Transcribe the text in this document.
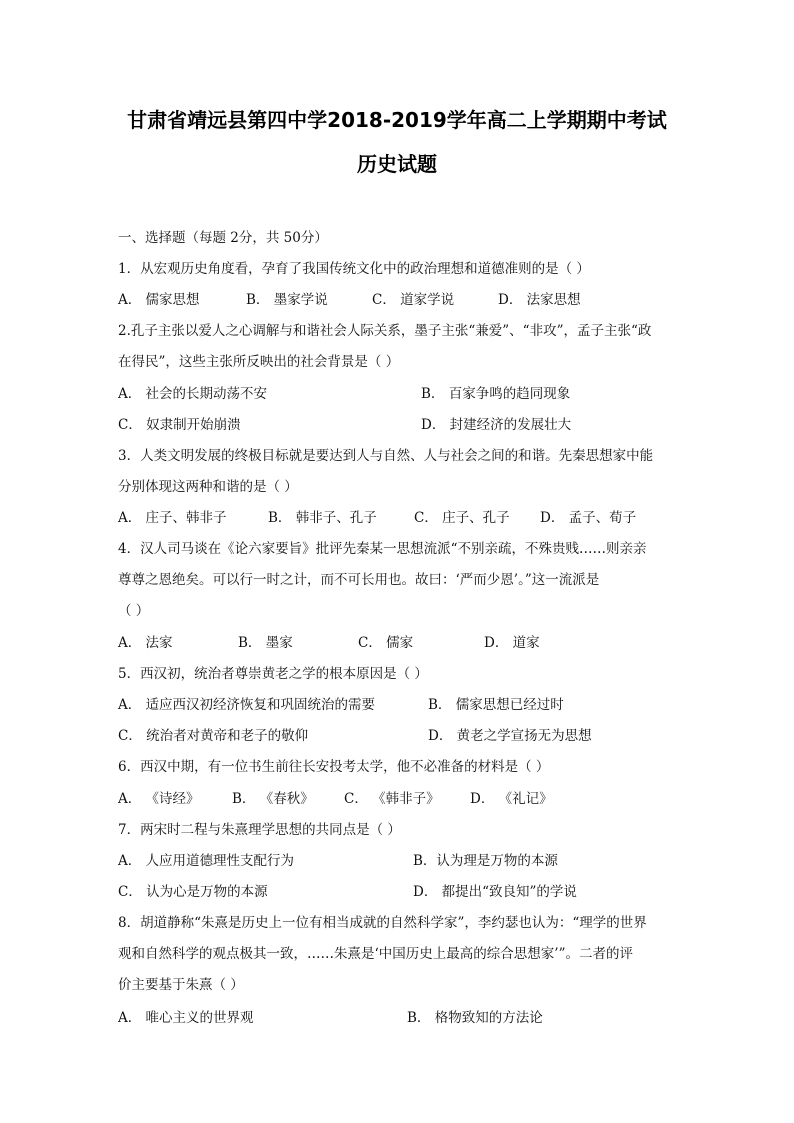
甘肃省靖远县第四中学2018-2019学年高二上学期期中考试
历史试题
一、选择题（每题 2分，共 50分）
1．从宏观历史角度看，孕育了我国传统文化中的政治理想和道德准则的是（ ）
A． 儒家思想	B． 墨家学说	C． 道家学说	D． 法家思想
2.孔子主张以爱人之心调解与和谐社会人际关系，墨子主张“兼爱”、“非攻”，孟子主张“政
在得民”，这些主张所反映出的社会背景是（ ）
A． 社会的长期动荡不安	B． 百家争鸣的趋同现象
C． 奴隶制开始崩溃	D． 封建经济的发展壮大
3．人类文明发展的终极目标就是要达到人与自然、人与社会之间的和谐。先秦思想家中能
分别体现这两种和谐的是（ ）
A． 庄子、韩非子	B． 韩非子、孔子	C． 庄子、孔子 D． 孟子、荀子
4．汉人司马谈在《论六家要旨》批评先秦某一思想流派“不别亲疏，不殊贵贱……则亲亲
尊尊之恩绝矣。可以行一时之计，而不可长用也。故曰：‘严而少恩’。”这一流派是
（ ）
A． 法家	B． 墨家	C． 儒家	D． 道家
5．西汉初，统治者尊崇黄老之学的根本原因是（ ）
A． 适应西汉初经济恢复和巩固统治的需要	B． 儒家思想已经过时
C． 统治者对黄帝和老子的敬仰	D． 黄老之学宣扬无为思想
6．西汉中期，有一位书生前往长安投考太学，他不必准备的材料是（ ）
A． 《诗经》 B． 《春秋》 C． 《韩非子》 D． 《礼记》
7．两宋时二程与朱熹理学思想的共同点是（ ）
A． 人应用道德理性支配行为	B．认为理是万物的本源
C． 认为心是万物的本源	D． 都提出“致良知”的学说
8．胡道静称“朱熹是历史上一位有相当成就的自然科学家”，李约瑟也认为：“理学的世界
观和自然科学的观点极其一致，……朱熹是‘中国历史上最高的综合思想家’”。二者的评
价主要基于朱熹（ ）
A． 唯心主义的世界观	B． 格物致知的方法论
